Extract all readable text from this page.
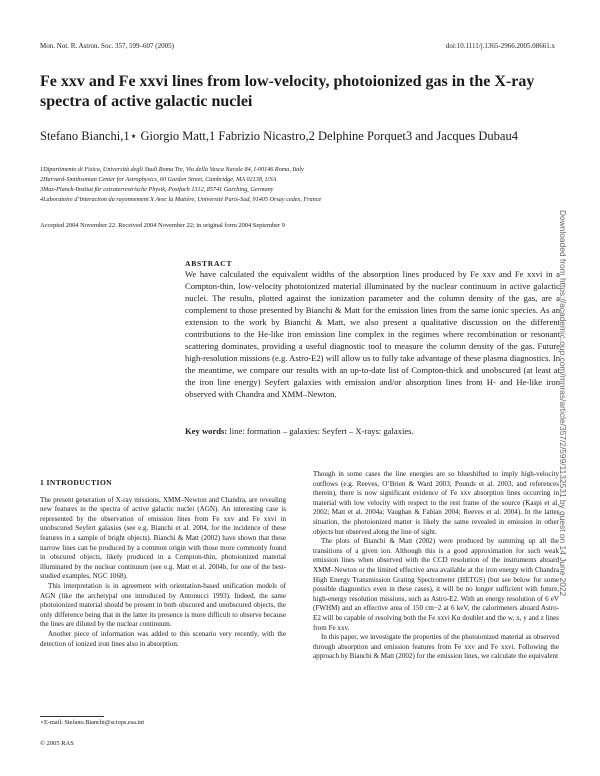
Mon. Not. R. Astron. Soc. 357, 599–607 (2005)	doi:10.1111/j.1365-2966.2005.08661.x
Fe xxv and Fe xxvi lines from low-velocity, photoionized gas in the X-ray spectra of active galactic nuclei
Stefano Bianchi,1⋆ Giorgio Matt,1 Fabrizio Nicastro,2 Delphine Porquet3 and Jacques Dubau4
1Dipartimento di Fisica, Università degli Studi Roma Tre, Via della Vasca Navale 84, I-00146 Roma, Italy
2Harvard-Smithsonian Center for Astrophysics, 60 Garden Street, Cambridge, MA 02138, USA
3Max-Planck-Institut für extraterrestrische Physik, Postfach 1312, 85741 Garching, Germany
4Laboratoire d’Interaction du rayonnement X Avec la Matière, Université Paris-Sud, 91405 Orsay cedex, France
Accepted 2004 November 22. Received 2004 November 22; in original form 2004 September 9
ABSTRACT
We have calculated the equivalent widths of the absorption lines produced by Fe xxv and Fe xxvi in a Compton-thin, low-velocity photoionized material illuminated by the nuclear continuum in active galactic nuclei. The results, plotted against the ionization parameter and the column density of the gas, are a complement to those presented by Bianchi & Matt for the emission lines from the same ionic species. As an extension to the work by Bianchi & Matt, we also present a qualitative discussion on the different contributions to the He-like iron emission line complex in the regimes where recombination or resonant scattering dominates, providing a useful diagnostic tool to measure the column density of the gas. Future high-resolution missions (e.g. Astro-E2) will allow us to fully take advantage of these plasma diagnostics. In the meantime, we compare our results with an up-to-date list of Compton-thick and unobscured (at least at the iron line energy) Seyfert galaxies with emission and/or absorption lines from H- and He-like iron observed with Chandra and XMM–Newton.
Key words: line: formation – galaxies: Seyfert – X-rays: galaxies.
1 INTRODUCTION

The present generation of X-ray missions, XMM–Newton and Chandra, are revealing new features in the spectra of active galactic nuclei (AGN). An interesting case is represented by the observation of emission lines from Fe xxv and Fe xxvi in unobscured Seyfert galaxies (see e.g. Bianchi et al. 2004, for the incidence of these features in a sample of bright objects). Bianchi & Matt (2002) have shown that these narrow lines can be produced by a common origin with those more commonly found in obscured objects, likely produced in a Compton-thin, photoionized material illuminated by the nuclear continuum (see e.g. Matt et al. 2004b, for one of the best-studied examples, NGC 1068).

This interpretation is in agreement with orientation-based unification models of AGN (like the archetypal one introduced by Antonucci 1993). Indeed, the same photoionized material should be present in both obscured and unobscured objects, the only difference being that in the latter its presence is more difficult to observe because the lines are diluted by the nuclear continuum.

Another piece of information was added to this scenario very recently, with the detection of ionized iron lines also in absorption.

Though in some cases the line energies are so blueshifted to imply high-velocity outflows (e.g. Reeves, O’Brien & Ward 2003; Pounds et al. 2003, and references therein), there is now significant evidence of Fe xxv absorption lines occurring in material with low velocity with respect to the rest frame of the source (Kaspi et al. 2002; Matt et al. 2004a; Vaughan & Fabian 2004; Reeves et al. 2004). In the latter situation, the photoionized matter is likely the same revealed in emission in other objects but observed along the line of sight.

The plots of Bianchi & Matt (2002) were produced by summing up all the transitions of a given ion. Although this is a good approximation for such weak emission lines when observed with the CCD resolution of the instruments aboard XMM–Newton or the limited effective area available at the iron energy with Chandra High Energy Transmission Grating Spectrometer (HETGS) (but see below for some possible diagnostics even in these cases), it will be no longer sufficient with future, high-energy resolution missions, such as Astro-E2. With an energy resolution of 6 eV (FWHM) and an effective area of 150 cm−2 at 6 keV, the calorimeters aboard Astro-E2 will be capable of resolving both the Fe xxvi Kα doublet and the w, x, y and z lines from Fe xxv.

In this paper, we investigate the properties of the photoionized material as observed through absorption and emission features from Fe xxv and Fe xxvi. Following the approach by Bianchi & Matt (2002) for the emission lines, we calculate the equivalent

⋆E-mail: Stefano.Bianchi@sciops.esa.int
© 2005 RAS
Downloaded from https://academic.oup.com/mnras/article/357/2/599/1132531 by guest on 14 June 2022
